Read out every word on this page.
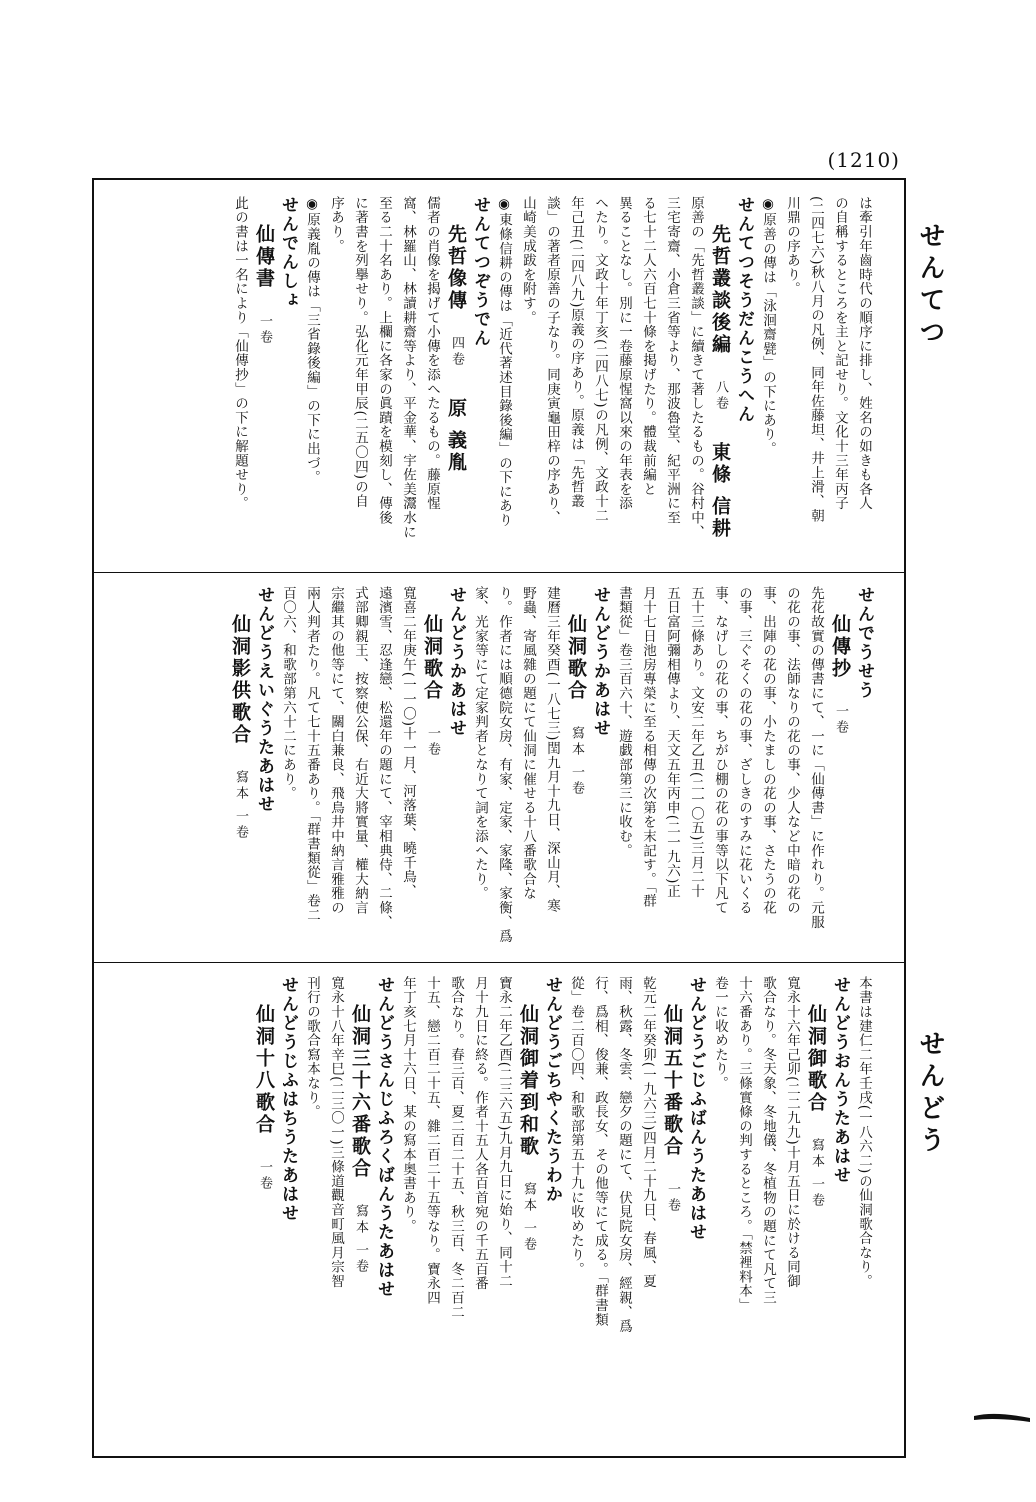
(1210)
せんてつ
せんどう
は牽引年齒時代の順序に排し、姓名の如きも各人
の自稱するところを主と記せり。文化十三年丙子
(二四七六)秋八月の凡例、同年佐藤坦、井上滑、朝
川鼎の序あり。
◉原善の傳は「泳洄齋甓」の下にあり。
せんてつそうだんこうへん
先哲叢談後編八卷東條 信耕
原善の「先哲叢談」に續きて著したるもの。谷村中、
三宅寄齋、小倉三省等より、那波魯堂、紀平洲に至
る七十二人六百七十條を掲げたり。體裁前編と
異ることなし。別に一卷藤原惺窩以來の年表を添
へたり。文政十年丁亥(二四八七)の凡例、文政十二
年己丑(二四八九)原義の序あり。原義は「先哲叢
談」の著者原善の子なり。同庚寅龜田梓の序あり、
山崎美成跋を附す。
◉東條信耕の傳は「近代著述目錄後編」の下にあり
せんてつぞうでん
先哲像傳四卷原 義胤
儒者の肖像を揭げて小傳を添へたるもの。藤原惺
窩、林羅山、林讀耕齋等より、平金華、宇佐美灊水に
至る二十名あり。上欄に各家の眞蹟を模刻し、傳後
に著書を列擧せり。弘化元年甲辰(二五〇四)の自
序あり。
◉原義胤の傳は「三省錄後編」の下に出づ。
せんでんしょ
仙傳書一卷
此の書は一名により「仙傳抄」の下に解題せり。
せんでうせう
仙傳抄一卷
先花故實の傳書にて、一に「仙傳書」に作れり。元服
の花の事、法師なりの花の事、少人など中暗の花の
事、出陣の花の事、小たましの花の事、さたうの花
の事、三ぐそくの花の事、ざしきのすみに花いくる
事、なげしの花の事、ちがひ棚の花の事等以下凡て
五十三條あり。文安二年乙丑(二一〇五)三月二十
五日富阿彌相傳より、天文五年丙申(二一九六)正
月十七日池房專榮に至る相傳の次第を末記す。「群
書類從」卷三百六十、遊戯部第三に收む。
せんどうかあはせ
仙洞歌合寫本 一卷
建曆三年癸酉(一八七三)閏九月十九日、深山月、寒
野蟲、寄風雜の題にて仙洞に催せる十八番歌合な
り。作者には順德院女房、有家、定家、家隆、家衡、爲
家、光家等にて定家判者となりて詞を添へたり。
せんどうかあはせ
仙洞歌合一卷
寬喜二年庚午(一一〇)十一月、河落葉、曉千鳥、
遠濱雪、忍逢戀、松還年の題にて、宰相典侍、二條、
式部卿親王、按察使公保、右近大將實量、權大納言
宗繼其の他等にて、關白兼良、飛鳥井中納言雅雅の
兩人判者たり。凡て七十五番あり。「群書類從」卷二
百〇六、和歌部第六十二にあり。
せんどうえいぐうたあはせ
仙洞影供歌合寫本 一卷
本書は建仁二年壬戌(一八六二)の仙洞歌合なり。
せんどうおんうたあはせ
仙洞御歌合寫本 一卷
寬永十六年己卯(二二九九)十月五日に於ける同御
歌合なり。冬天象、冬地儀、冬植物の題にて凡て三
十六番あり。三條實條の判するところ。「禁裡料本」
卷一に收めたり。
せんどうごじふばんうたあはせ
仙洞五十番歌合一卷
乾元二年癸卯(一九六三)四月二十九日、春風、夏
雨、秋露、冬雲、戀夕の題にて、伏見院女房、經親、爲
行、爲相、俊兼、政長女、その他等にて成る。「群書類
從」卷二百〇四、和歌部第五十九に收めたり。
せんどうごちやくたうわか
仙洞御着到和歌寫本 一卷
寶永二年乙酉(二三六五)九月九日に始り、同十二
月十九日に終る。作者十五人各百首宛の千五百番
歌合なり。春三百、夏二百二十五、秋三百、冬二百二
十五、戀二百二十五、雜二百二十五等なり。寶永四
年丁亥七月十六日、某の寫本奥書あり。
せんどうさんじふろくばんうたあはせ
仙洞三十六番歌合寫本 一卷
寬永十八年辛巳(二三〇一)三條道觀音町風月宗智
刊行の歌合寫本なり。
せんどうじふはちうたあはせ
仙洞十八歌合一卷
